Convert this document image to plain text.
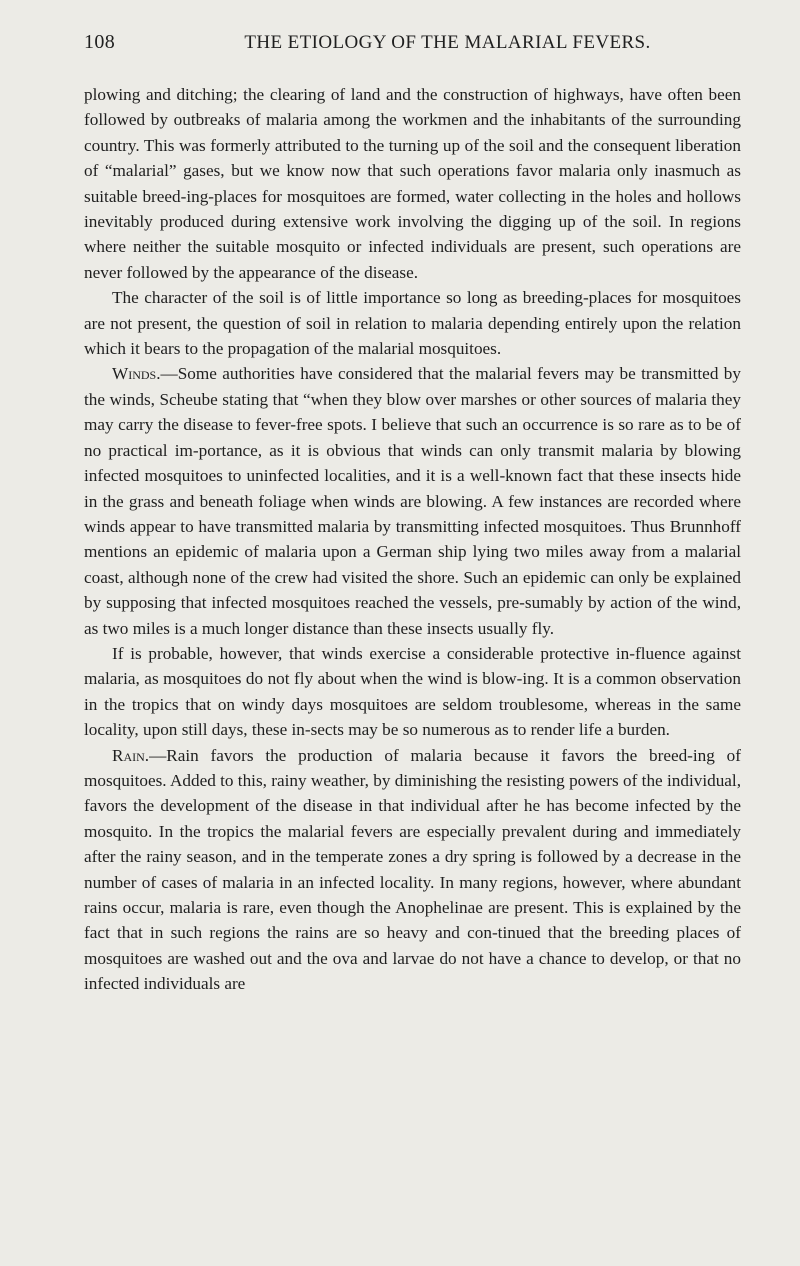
108	THE ETIOLOGY OF THE MALARIAL FEVERS.

plowing and ditching; the clearing of land and the construction of highways, have often been followed by outbreaks of malaria among the workmen and the inhabitants of the surrounding country. This was formerly attributed to the turning up of the soil and the consequent liberation of “malarial” gases, but we know now that such operations favor malaria only inasmuch as suitable breed-ing-places for mosquitoes are formed, water collecting in the holes and hollows inevitably produced during extensive work involving the digging up of the soil. In regions where neither the suitable mosquito or infected individuals are present, such operations are never followed by the appearance of the disease.

The character of the soil is of little importance so long as breeding-places for mosquitoes are not present, the question of soil in relation to malaria depending entirely upon the relation which it bears to the propagation of the malarial mosquitoes.

Winds.—Some authorities have considered that the malarial fevers may be transmitted by the winds, Scheube stating that “when they blow over marshes or other sources of malaria they may carry the disease to fever-free spots. I believe that such an occurrence is so rare as to be of no practical im-portance, as it is obvious that winds can only transmit malaria by blowing infected mosquitoes to uninfected localities, and it is a well-known fact that these insects hide in the grass and beneath foliage when winds are blowing. A few instances are recorded where winds appear to have transmitted malaria by transmitting infected mosquitoes. Thus Brunnhoff mentions an epidemic of malaria upon a German ship lying two miles away from a malarial coast, although none of the crew had visited the shore. Such an epidemic can only be explained by supposing that infected mosquitoes reached the vessels, pre-sumably by action of the wind, as two miles is a much longer distance than these insects usually fly.

If is probable, however, that winds exercise a considerable protective in-fluence against malaria, as mosquitoes do not fly about when the wind is blow-ing. It is a common observation in the tropics that on windy days mosquitoes are seldom troublesome, whereas in the same locality, upon still days, these in-sects may be so numerous as to render life a burden.

Rain.—Rain favors the production of malaria because it favors the breed-ing of mosquitoes. Added to this, rainy weather, by diminishing the resisting powers of the individual, favors the development of the disease in that individual after he has become infected by the mosquito. In the tropics the malarial fevers are especially prevalent during and immediately after the rainy season, and in the temperate zones a dry spring is followed by a decrease in the number of cases of malaria in an infected locality. In many regions, however, where abundant rains occur, malaria is rare, even though the Anophelinae are present. This is explained by the fact that in such regions the rains are so heavy and con-tinued that the breeding places of mosquitoes are washed out and the ova and larvae do not have a chance to develop, or that no infected individuals are
